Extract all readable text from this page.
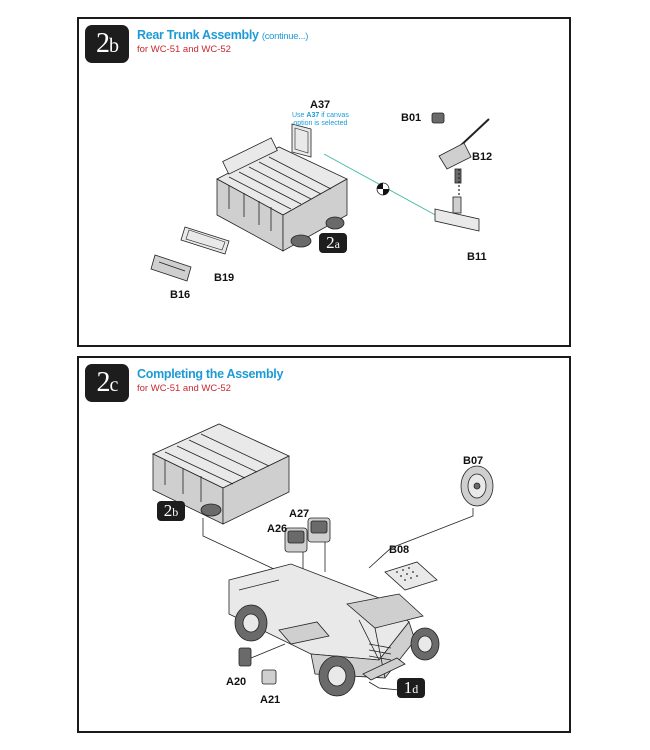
2b	Rear Trunk Assembly (continue...)
for WC-51 and WC-52
A37
Use A37 if canvas
option is selected	B01
B12
B11
B19
B16
2a
2c	Completing the Assembly
for WC-51 and WC-52
2b
1d
B07
A27
A26
B08
A20
A21
